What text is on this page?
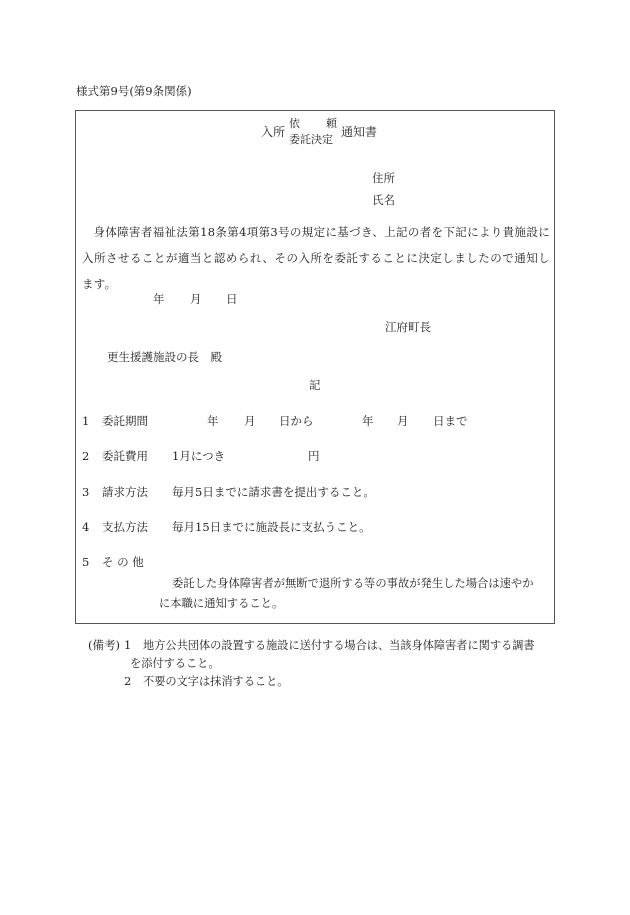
様式第9号(第9条関係)
入所
依 頼
委託決定
通知書
住所
氏名
身体障害者福祉法第18条第4項第3号の規定に基づき、上記の者を下記により貴施設に入所させることが適当と認められ、その入所を委託することに決定しましたので通知します。
年 月 日
江府町長
更生援護施設の長　殿
記
1 委託期間	年 月 日から	年 月 日まで
2 委託費用 1月につき	円
3 請求方法 毎月5日までに請求書を提出すること。
4 支払方法 毎月15日までに施設長に支払うこと。
5 そ の 他
委託した身体障害者が無断で退所する等の事故が発生した場合は速やか
に本職に通知すること。
(備考) 1 地方公共団体の設置する施設に送付する場合は、当該身体障害者に関する調書
を添付すること。
2 不要の文字は抹消すること。
